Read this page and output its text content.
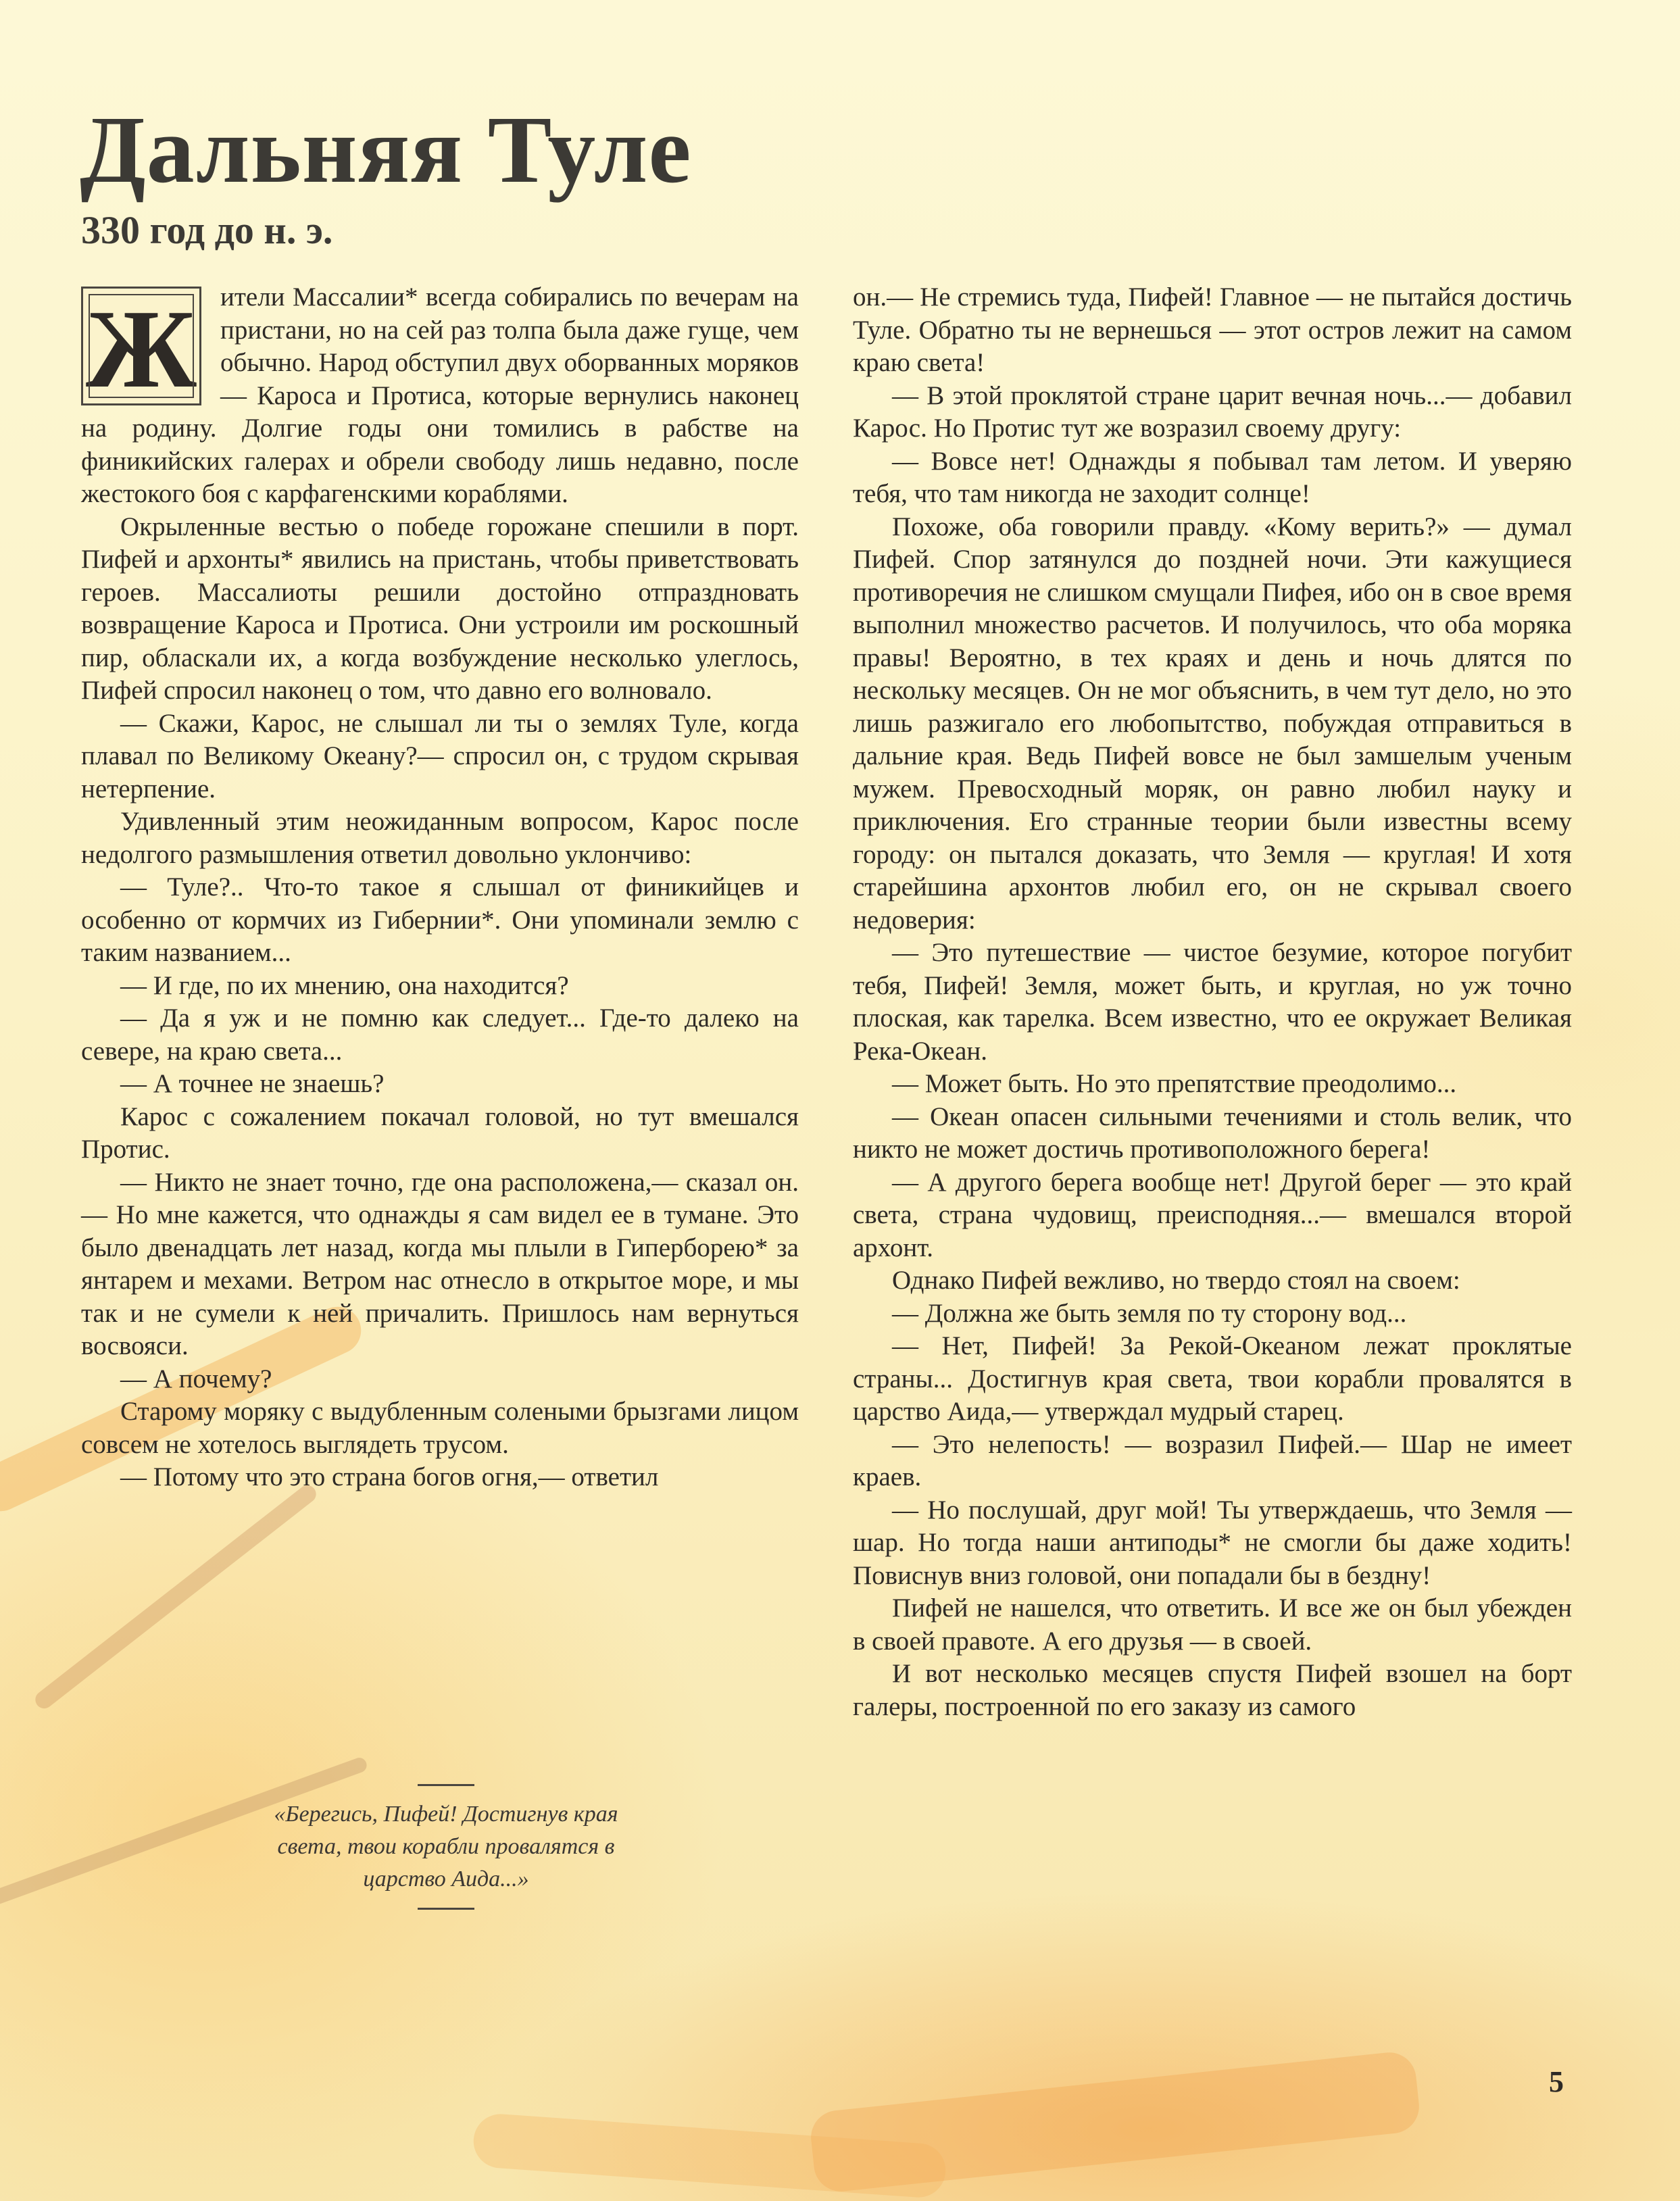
Дальняя Туле
330 год до н. э.
Ж ители Массалии* всегда собирались по вечерам на пристани, но на сей раз толпа была даже гуще, чем обычно. Народ обступил двух оборванных моряков — Кароса и Протиса, которые вернулись наконец на родину. Долгие годы они томились в рабстве на финикийских галерах и обрели свободу лишь недавно, после жестокого боя с карфагенскими кораблями.

Окрыленные вестью о победе горожане спешили в порт. Пифей и архонты* явились на пристань, чтобы приветствовать героев. Массалиоты решили достойно отпраздновать возвращение Кароса и Протиса. Они устроили им роскошный пир, обласкали их, а когда возбуждение несколько улеглось, Пифей спросил наконец о том, что давно его волновало.

— Скажи, Карос, не слышал ли ты о землях Туле, когда плавал по Великому Океану?— спросил он, с трудом скрывая нетерпение.

Удивленный этим неожиданным вопросом, Карос после недолгого размышления ответил довольно уклончиво:

— Туле?.. Что-то такое я слышал от финикийцев и особенно от кормчих из Гибернии*. Они упоминали землю с таким названием...

— И где, по их мнению, она находится?

— Да я уж и не помню как следует... Где-то далеко на севере, на краю света...

— А точнее не знаешь?

Карос с сожалением покачал головой, но тут вмешался Протис.

— Никто не знает точно, где она расположена,— сказал он.— Но мне кажется, что однажды я сам видел ее в тумане. Это было двенадцать лет назад, когда мы плыли в Гиперборею* за янтарем и мехами. Ветром нас отнесло в открытое море, и мы так и не сумели к ней причалить. Пришлось нам вернуться восвояси.

— А почему?

Старому моряку с выдубленным солеными брызгами лицом совсем не хотелось выглядеть трусом.

— Потому что это страна богов огня,— ответил

он.— Не стремись туда, Пифей! Главное — не пытайся достичь Туле. Обратно ты не вернешься — этот остров лежит на самом краю света!

— В этой проклятой стране царит вечная ночь...— добавил Карос. Но Протис тут же возразил своему другу:

— Вовсе нет! Однажды я побывал там летом. И уверяю тебя, что там никогда не заходит солнце!

Похоже, оба говорили правду. «Кому верить?» — думал Пифей. Спор затянулся до поздней ночи. Эти кажущиеся противоречия не слишком смущали Пифея, ибо он в свое время выполнил множество расчетов. И получилось, что оба моряка правы! Вероятно, в тех краях и день и ночь длятся по нескольку месяцев. Он не мог объяснить, в чем тут дело, но это лишь разжигало его любопытство, побуждая отправиться в дальние края. Ведь Пифей вовсе не был замшелым ученым мужем. Превосходный моряк, он равно любил науку и приключения. Его странные теории были известны всему городу: он пытался доказать, что Земля — круглая! И хотя старейшина архонтов любил его, он не скрывал своего недоверия:

— Это путешествие — чистое безумие, которое погубит тебя, Пифей! Земля, может быть, и круглая, но уж точно плоская, как тарелка. Всем известно, что ее окружает Великая Река-Океан.

— Может быть. Но это препятствие преодолимо...

— Океан опасен сильными течениями и столь велик, что никто не может достичь противоположного берега!

— А другого берега вообще нет! Другой берег — это край света, страна чудовищ, преисподняя...— вмешался второй архонт.

Однако Пифей вежливо, но твердо стоял на своем:

— Должна же быть земля по ту сторону вод...

— Нет, Пифей! За Рекой-Океаном лежат проклятые страны... Достигнув края света, твои корабли провалятся в царство Аида,— утверждал мудрый старец.

— Это нелепость! — возразил Пифей.— Шар не имеет краев.

— Но послушай, друг мой! Ты утверждаешь, что Земля — шар. Но тогда наши антиподы* не смогли бы даже ходить! Повиснув вниз головой, они попадали бы в бездну!

Пифей не нашелся, что ответить. И все же он был убежден в своей правоте. А его друзья — в своей.

И вот несколько месяцев спустя Пифей взошел на борт галеры, построенной по его заказу из самого

«Берегись, Пифей! Достигнув края света, твои корабли провалятся в царство Аида...»

5
